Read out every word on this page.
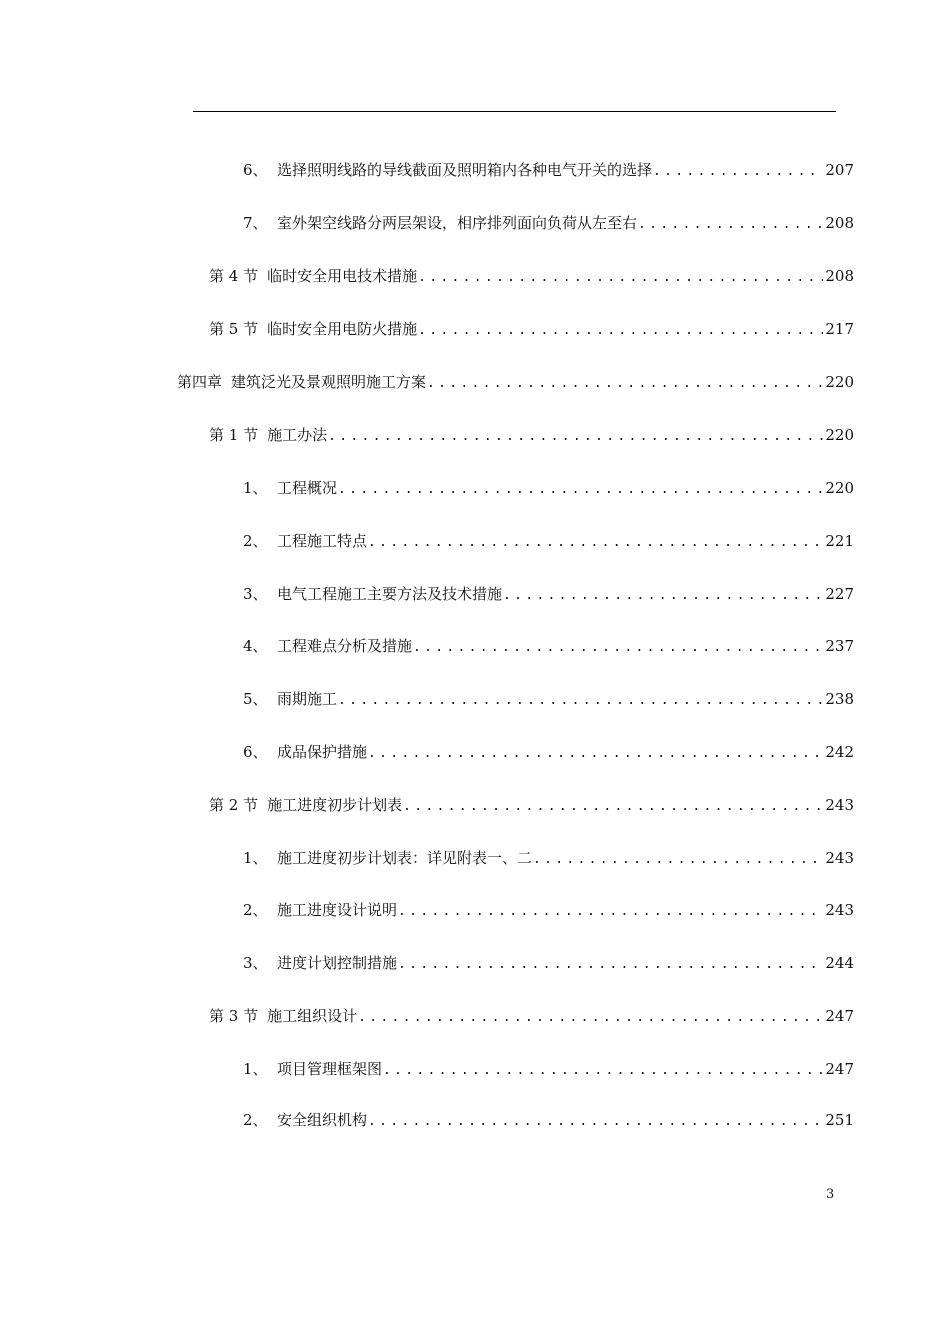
6、 选择照明线路的导线截面及照明箱内各种电气开关的选择 .....	207
7、 室外架空线路分两层架设，相序排列面向负荷从左至右 .....	208
第 4 节 临时安全用电技术措施 .....	208
第 5 节 临时安全用电防火措施 .....	217
第四章 建筑泛光及景观照明施工方案 .....	220
第 1 节 施工办法 .....	220
1、 工程概况 .....	220
2、 工程施工特点 .....	221
3、 电气工程施工主要方法及技术措施 .....	227
4、 工程难点分析及措施 .....	237
5、 雨期施工 .....	238
6、 成品保护措施 .....	242
第 2 节 施工进度初步计划表 .....	243
1、 施工进度初步计划表：详见附表一、二 .....	243
2、 施工进度设计说明 .....	243
3、 进度计划控制措施 .....	244
第 3 节 施工组织设计 .....	247
1、 项目管理框架图 .....	247
2、 安全组织机构 .....	251
3
